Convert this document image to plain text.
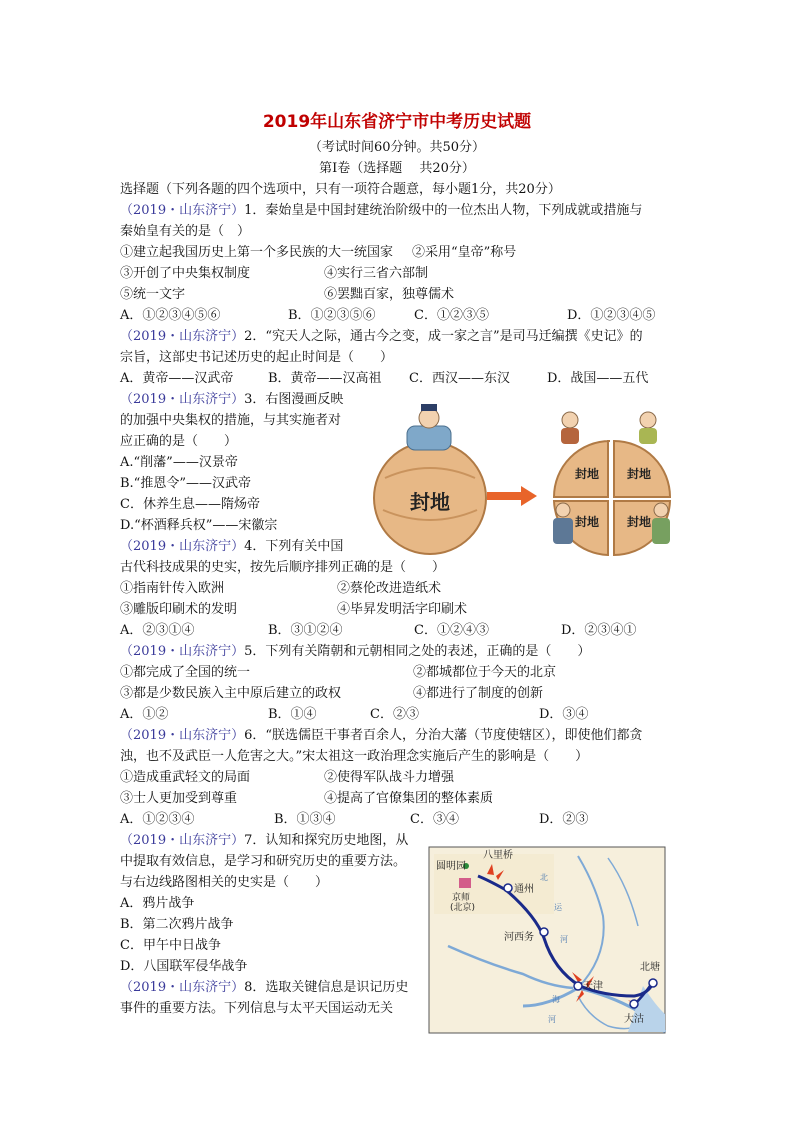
2019年山东省济宁市中考历史试题
（考试时间60分钟。共50分）
第Ⅰ卷（选择题　 共20分）
选择题（下列各题的四个选项中，只有一项符合题意，每小题1分，共20分）
（2019・山东济宁）1．秦始皇是中国封建统治阶级中的一位杰出人物，下列成就或措施与
秦始皇有关的是（　）
①建立起我国历史上第一个多民族的大一统国家 ②采用“皇帝”称号
③开创了中央集权制度	④实行三省六部制
⑤统一文字	⑥罢黜百家，独尊儒术
A．①②③④⑤⑥	B．①②③⑤⑥	C．①②③⑤	D．①②③④⑤
（2019・山东济宁）2．“究天人之际，通古今之变，成一家之言”是司马迁编撰《史记》的
宗旨，这部史书记述历史的起止时间是（　　）
A．黄帝——汉武帝	B．黄帝——汉高祖 C．西汉——东汉	D．战国——五代
（2019・山东济宁）3．右图漫画反映
的加强中央集权的措施，与其实施者对
应正确的是（　　）
A.“削藩”——汉景帝
B.“推恩令”——汉武帝
C．休养生息——隋炀帝
D.“杯酒释兵权”——宋徽宗
封地
封地 封地
封地 封地
（2019・山东济宁）4．下列有关中国
古代科技成果的史实，按先后顺序排列正确的是（　　）
①指南针传入欧洲	②蔡伦改进造纸术
③雕版印刷术的发明	④毕昇发明活字印刷术
A．②③①④	B．③①②④	C．①②④③	D．②③④①
（2019・山东济宁）5．下列有关隋朝和元朝相同之处的表述，正确的是（　　）
①都完成了全国的统一	②都城都位于今天的北京
③都是少数民族入主中原后建立的政权	④都进行了制度的创新
A．①②	B．①④	C．②③	D．③④
（2019・山东济宁）6．“朕选儒臣干事者百余人，分治大藩（节度使辖区），即使他们都贪
浊，也不及武臣一人危害之大。”宋太祖这一政治理念实施后产生的影响是（　　）
①造成重武轻文的局面	②使得军队战斗力增强
③士人更加受到尊重	④提高了官僚集团的整体素质
A．①②③④	B．①③④	C．③④	D．②③
（2019・山东济宁）7．认知和探究历史地图，从
中提取有效信息，是学习和研究历史的重要方法。
与右边线路图相关的史实是（　　）
A．鸦片战争
B．第二次鸦片战争
C．甲午中日战争
D．八国联军侵华战争
圆明园
八里桥
京师
(北京)
通州
河西务
天津
北塘
大沽
北
运
河
海
河
（2019・山东济宁）8．选取关键信息是识记历史
事件的重要方法。下列信息与太平天国运动无关
